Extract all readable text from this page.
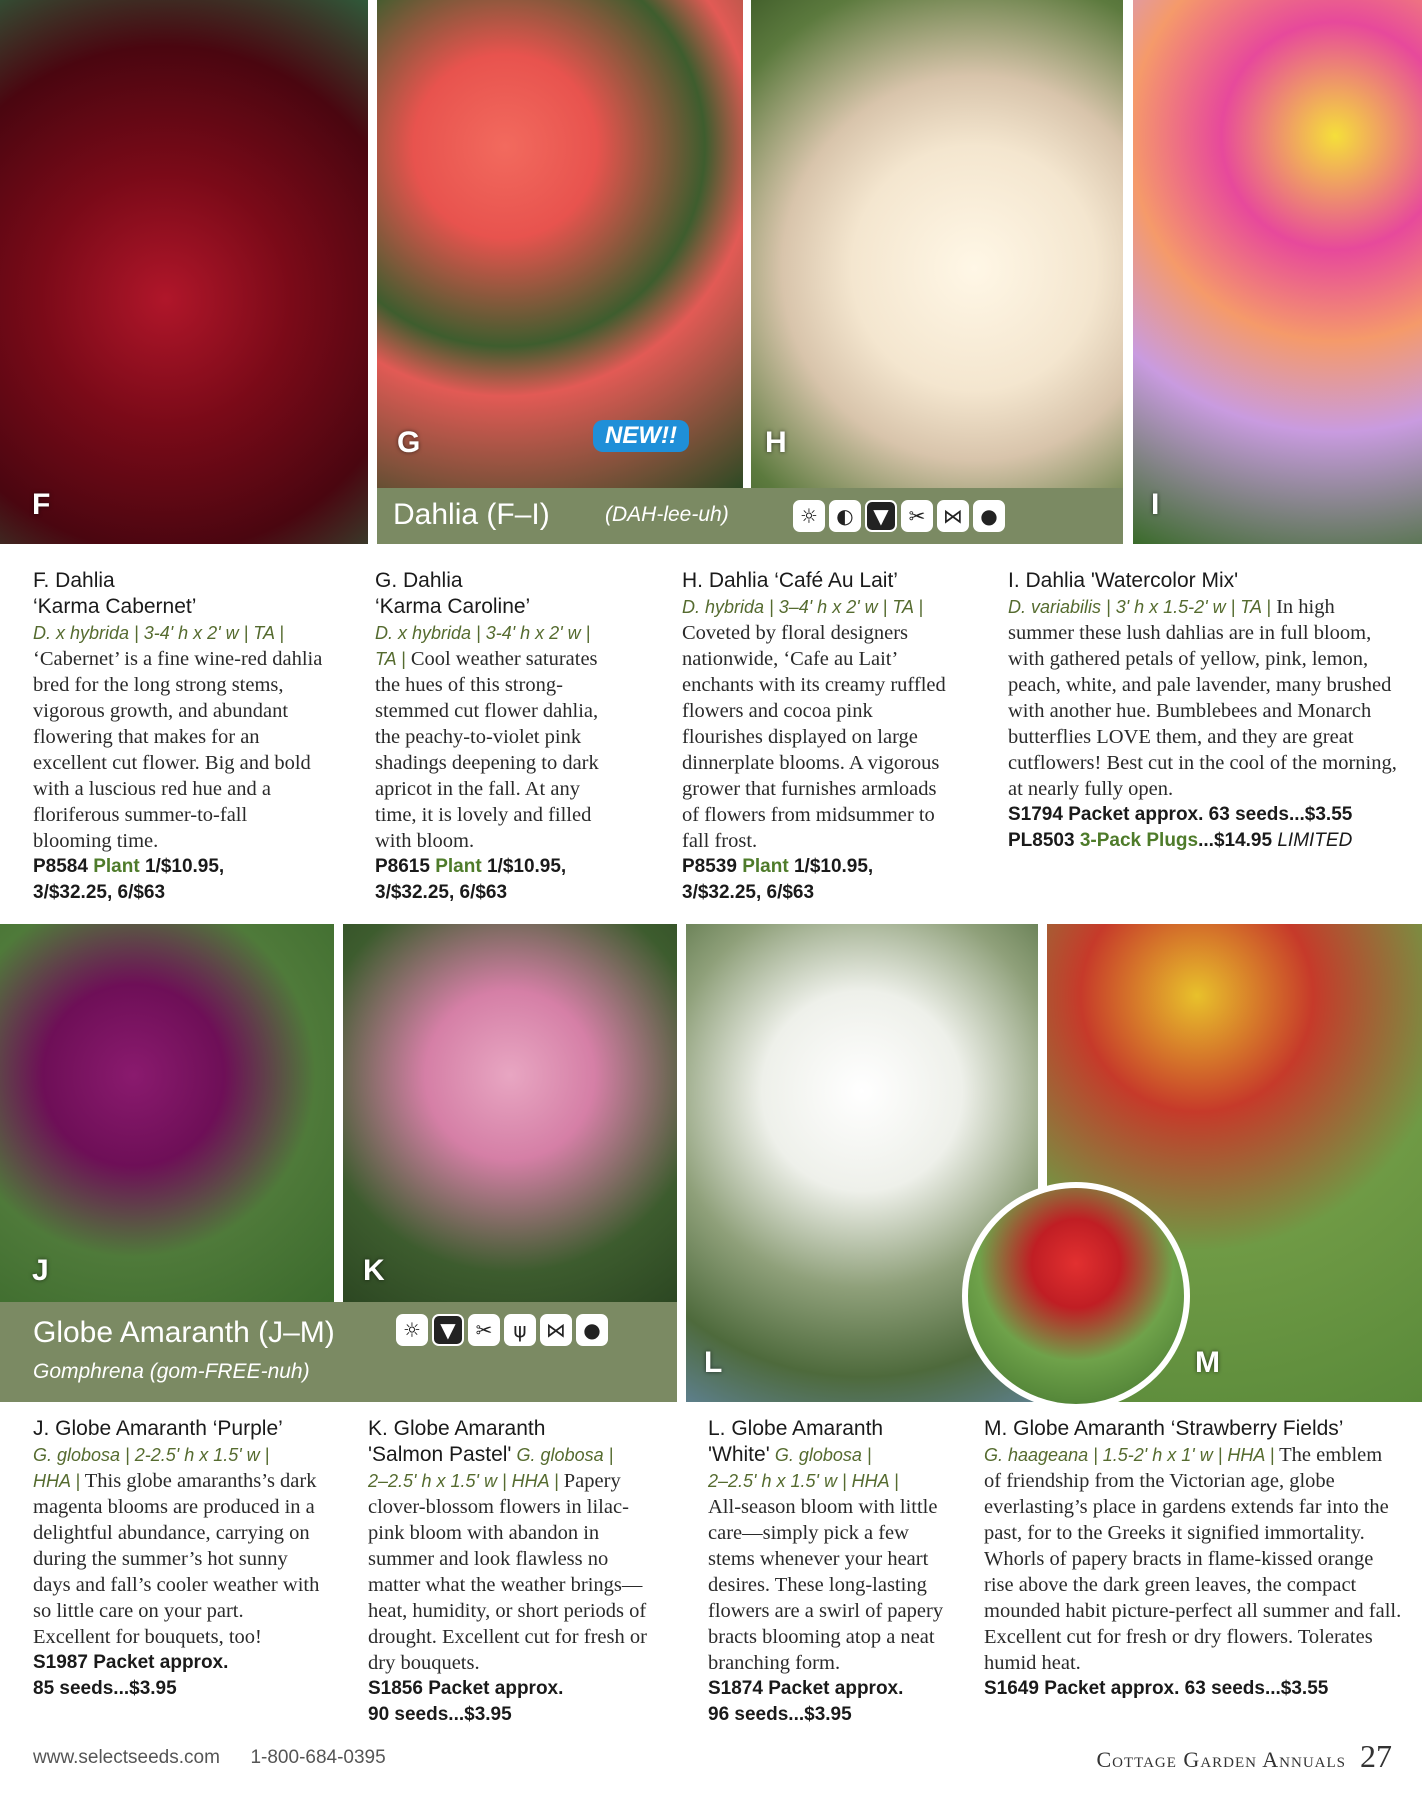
F
G	NEW!!	H
I
Dahlia (F–I)	(DAH-lee-uh)	☼ ◐ ▼ ✂ ⋈ ●
F. Dahlia
‘Karma Cabernet’
D. x hybrida | 3-4' h x 2' w | TA |
‘Cabernet’ is a fine wine-red dahlia bred for the long strong stems, vigorous growth, and abundant flowering that makes for an excellent cut flower. Big and bold with a luscious red hue and a floriferous summer-to-fall blooming time.
P8584 Plant 1/$10.95,
3/$32.25, 6/$63
G. Dahlia
‘Karma Caroline’
D. x hybrida | 3-4' h x 2' w |
TA | Cool weather saturates the hues of this strong-stemmed cut flower dahlia, the peachy-to-violet pink shadings deepening to dark apricot in the fall. At any time, it is lovely and filled with bloom.
P8615 Plant 1/$10.95,
3/$32.25, 6/$63
H. Dahlia ‘Café Au Lait’
D. hybrida | 3–4' h x 2' w | TA |
Coveted by floral designers nationwide, ‘Cafe au Lait’ enchants with its creamy ruffled flowers and cocoa pink flourishes displayed on large dinnerplate blooms. A vigorous grower that furnishes armloads of flowers from midsummer to fall frost.
P8539 Plant 1/$10.95,
3/$32.25, 6/$63
I. Dahlia 'Watercolor Mix'
D. variabilis | 3' h x 1.5-2' w | TA | In high summer these lush dahlias are in full bloom, with gathered petals of yellow, pink, lemon, peach, white, and pale lavender, many brushed with another hue. Bumblebees and Monarch butterflies LOVE them, and they are great cutflowers! Best cut in the cool of the morning, at nearly fully open.
S1794 Packet approx. 63 seeds...$3.55
PL8503 3-Pack Plugs...$14.95 LIMITED
J	K
L	M
Globe Amaranth (J–M)
Gomphrena (gom-FREE-nuh)
☼ ▼ ✂	ψ ⋈ ●
J. Globe Amaranth ‘Purple’
G. globosa | 2-2.5' h x 1.5' w |
HHA | This globe amaranths’s dark magenta blooms are produced in a delightful abundance, carrying on during the summer’s hot sunny days and fall’s cooler weather with so little care on your part. Excellent for bouquets, too!
S1987 Packet approx.
85 seeds...$3.95
K. Globe Amaranth
'Salmon Pastel' G. globosa |
2–2.5' h x 1.5' w | HHA | Papery clover-blossom flowers in lilac-pink bloom with abandon in summer and look flawless no matter what the weather brings—heat, humidity, or short periods of drought. Excellent cut for fresh or dry bouquets.
S1856 Packet approx.
90 seeds...$3.95
L. Globe Amaranth
'White' G. globosa |
2–2.5' h x 1.5' w | HHA |
All-season bloom with little care—simply pick a few stems whenever your heart desires. These long-lasting flowers are a swirl of papery bracts blooming atop a neat branching form.
S1874 Packet approx.
96 seeds...$3.95
M. Globe Amaranth ‘Strawberry Fields’
G. haageana | 1.5-2' h x 1' w | HHA | The emblem of friendship from the Victorian age, globe everlasting’s place in gardens extends far into the past, for to the Greeks it signified immortality. Whorls of papery bracts in flame-kissed orange rise above the dark green leaves, the compact mounded habit picture-perfect all summer and fall. Excellent cut for fresh or dry flowers. Tolerates humid heat.
S1649 Packet approx. 63 seeds...$3.55
www.selectseeds.com 1-800-684-0395	Cottage Garden Annuals 27
